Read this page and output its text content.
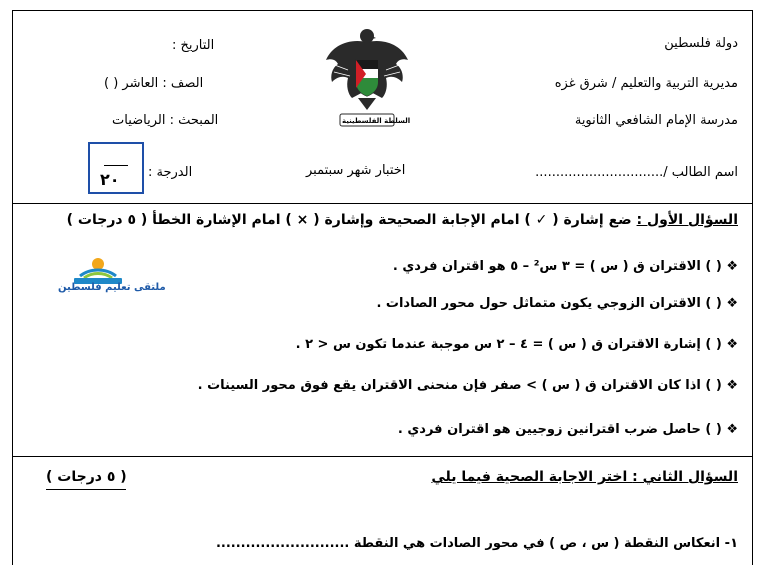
دولة فلسطين
مديرية التربية والتعليم / شرق غزه
مدرسة الإمام الشافعي الثانوية
اسم الطالب /...............................
التاريخ :
الصف : العاشر ( )
المبحث : الرياضيات
الدرجة :	اختبار شهر سبتمبر
٢٠
السلطة الفلسطينية
السؤال الأول : ضع إشارة ( ✓ ) امام الإجابة الصحيحة وإشارة ( × ) امام الإشارة الخطأ ( ٥ درجات )
❖ ( ) الاقتران ق ( س ) = ٣ س² – ٥ هو اقتران فردي .
❖ ( ) الاقتران الزوجي يكون متماثل حول محور الصادات .
❖ ( ) إشارة الاقتران ق ( س ) = ٤ – ٢ س موجبة عندما تكون س < ٢ .
❖ ( ) اذا كان الاقتران ق ( س ) > صفر فإن منحنى الاقتران يقع فوق محور السينات .
❖ ( ) حاصل ضرب اقترانين زوجيين هو اقتران فردي .
ملتقى تعليم فلسطين
السؤال الثاني : اختر الاجابة الصحية فيما يلي
( ٥ درجات )
١- انعكاس النقطة ( س ، ص ) في محور الصادات هي النقطة ...........................
